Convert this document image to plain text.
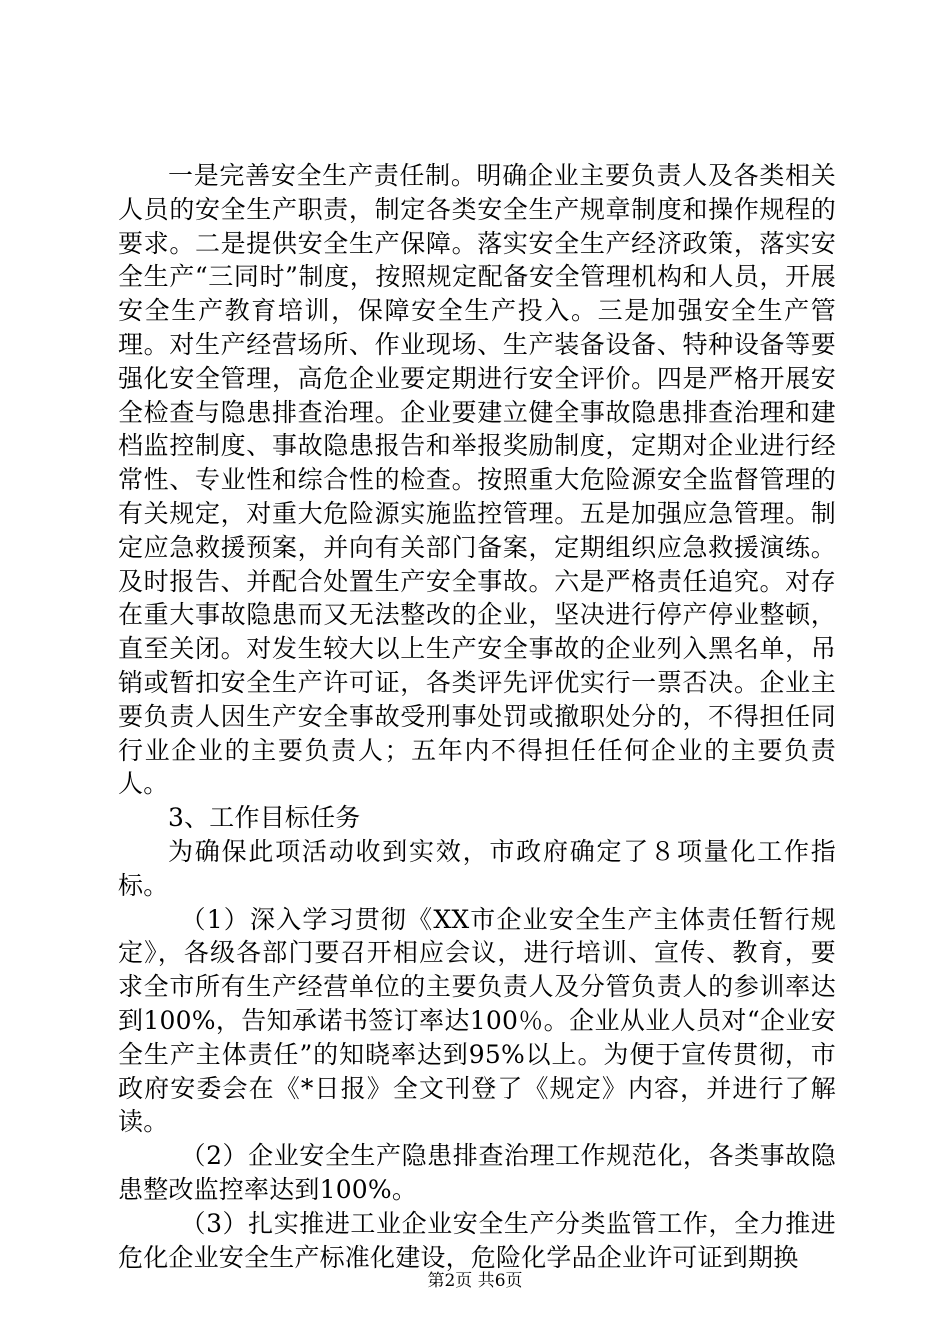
一是完善安全生产责任制。明确企业主要负责人及各类相关人员的安全生产职责，制定各类安全生产规章制度和操作规程的要求。二是提供安全生产保障。落实安全生产经济政策，落实安全生产“三同时”制度，按照规定配备安全管理机构和人员，开展安全生产教育培训，保障安全生产投入。三是加强安全生产管理。对生产经营场所、作业现场、生产装备设备、特种设备等要强化安全管理，高危企业要定期进行安全评价。四是严格开展安全检查与隐患排查治理。企业要建立健全事故隐患排查治理和建档监控制度、事故隐患报告和举报奖励制度，定期对企业进行经常性、专业性和综合性的检查。按照重大危险源安全监督管理的有关规定，对重大危险源实施监控管理。五是加强应急管理。制定应急救援预案，并向有关部门备案，定期组织应急救援演练。及时报告、并配合处置生产安全事故。六是严格责任追究。对存在重大事故隐患而又无法整改的企业，坚决进行停产停业整顿，直至关闭。对发生较大以上生产安全事故的企业列入黑名单，吊销或暂扣安全生产许可证，各类评先评优实行一票否决。企业主要负责人因生产安全事故受刑事处罚或撤职处分的，不得担任同行业企业的主要负责人；五年内不得担任任何企业的主要负责人。

3、工作目标任务

为确保此项活动收到实效，市政府确定了８项量化工作指标。

（1）深入学习贯彻《XX市企业安全生产主体责任暂行规定》，各级各部门要召开相应会议，进行培训、宣传、教育，要求全市所有生产经营单位的主要负责人及分管负责人的参训率达到100%，告知承诺书签订率达100％。企业从业人员对“企业安全生产主体责任”的知晓率达到95%以上。为便于宣传贯彻，市政府安委会在《*日报》全文刊登了《规定》内容，并进行了解读。

（2）企业安全生产隐患排查治理工作规范化，各类事故隐患整改监控率达到100%。

（3）扎实推进工业企业安全生产分类监管工作，全力推进危化企业安全生产标准化建设，危险化学品企业许可证到期换

第2页 共6页
